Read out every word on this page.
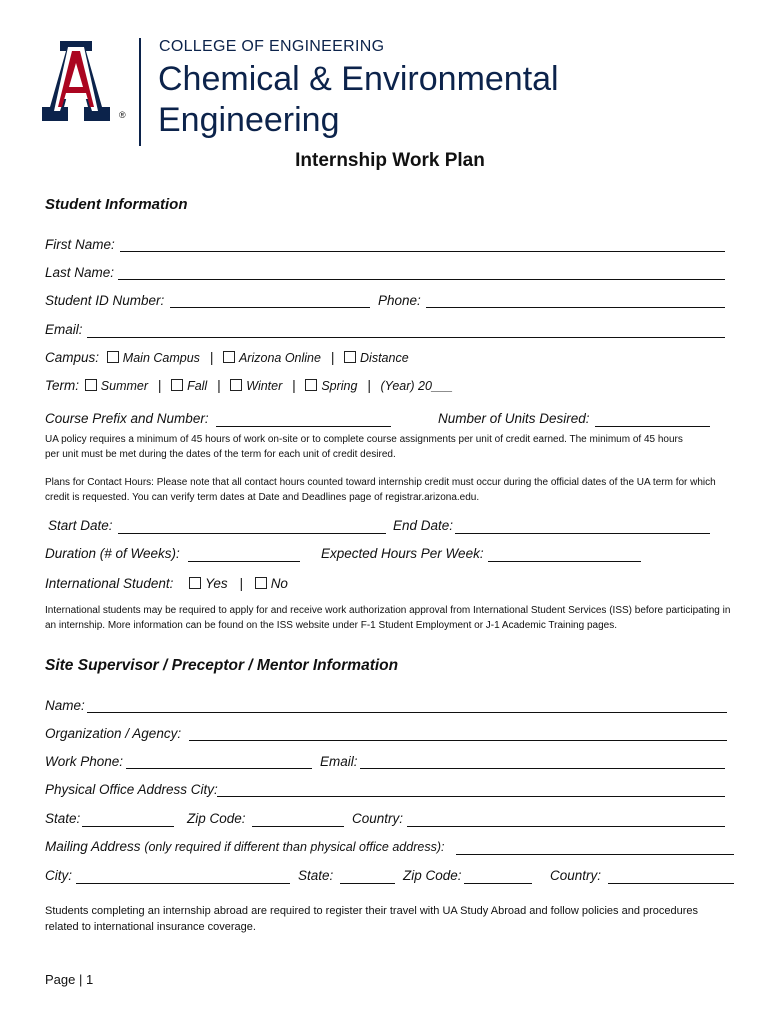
®
COLLEGE OF ENGINEERING
Chemical & Environmental
Engineering
Internship Work Plan
Student Information
First Name:
Last Name:
Student ID Number:	Phone:
Email:
Campus: Main Campus | Arizona Online | Distance
Term: Summer | Fall | Winter | Spring | (Year) 20___
Course Prefix and Number:	Number of Units Desired:
UA policy requires a minimum of 45 hours of work on-site or to complete course assignments per unit of credit earned. The minimum of 45 hours per unit must be met during the dates of the term for each unit of credit desired.
Plans for Contact Hours: Please note that all contact hours counted toward internship credit must occur during the official dates of the UA term for which credit is requested. You can verify term dates at Date and Deadlines page of registrar.arizona.edu.
Start Date:	End Date:
Duration (# of Weeks):	Expected Hours Per Week:
International Student: Yes | No
International students may be required to apply for and receive work authorization approval from International Student Services (ISS) before participating in an internship. More information can be found on the ISS website under F-1 Student Employment or J-1 Academic Training pages.
Site Supervisor / Preceptor / Mentor Information
Name:
Organization / Agency:
Work Phone:	Email:
Physical Office Address City:
State:	Zip Code:	Country:
Mailing Address (only required if different than physical office address):
City:	State:	Zip Code:	Country:
Students completing an internship abroad are required to register their travel with UA Study Abroad and follow policies and procedures related to international insurance coverage.
Page | 1
